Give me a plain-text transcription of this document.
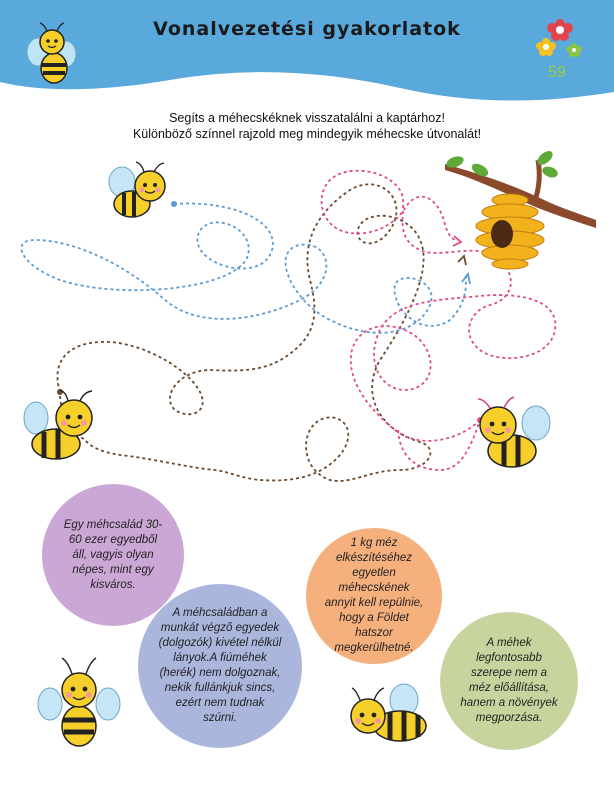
Vonalvezetési gyakorlatok
59

Segíts a méhecskéknek visszatalálni a kaptárhoz!

Különböző színnel rajzold meg mindegyik méhecske útvonalát!

Egy méhcsalád 30-60 ezer egyedből áll, vagyis olyan népes, mint egy kisváros.
A méhcsaládban a munkát végző egyedek (dolgozók) kivétel nélkül lányok.A fiúméhek (herék) nem dolgoznak, nekik fullánkjuk sincs, ezért nem tudnak szúrni.
1 kg méz elkészítéséhez egyetlen méhecskének annyit kell repülnie, hogy a Földet hatszor megkerülhetné.	A méhek legfontosabb szerepe nem a méz előállítása, hanem a növények megporzása.
